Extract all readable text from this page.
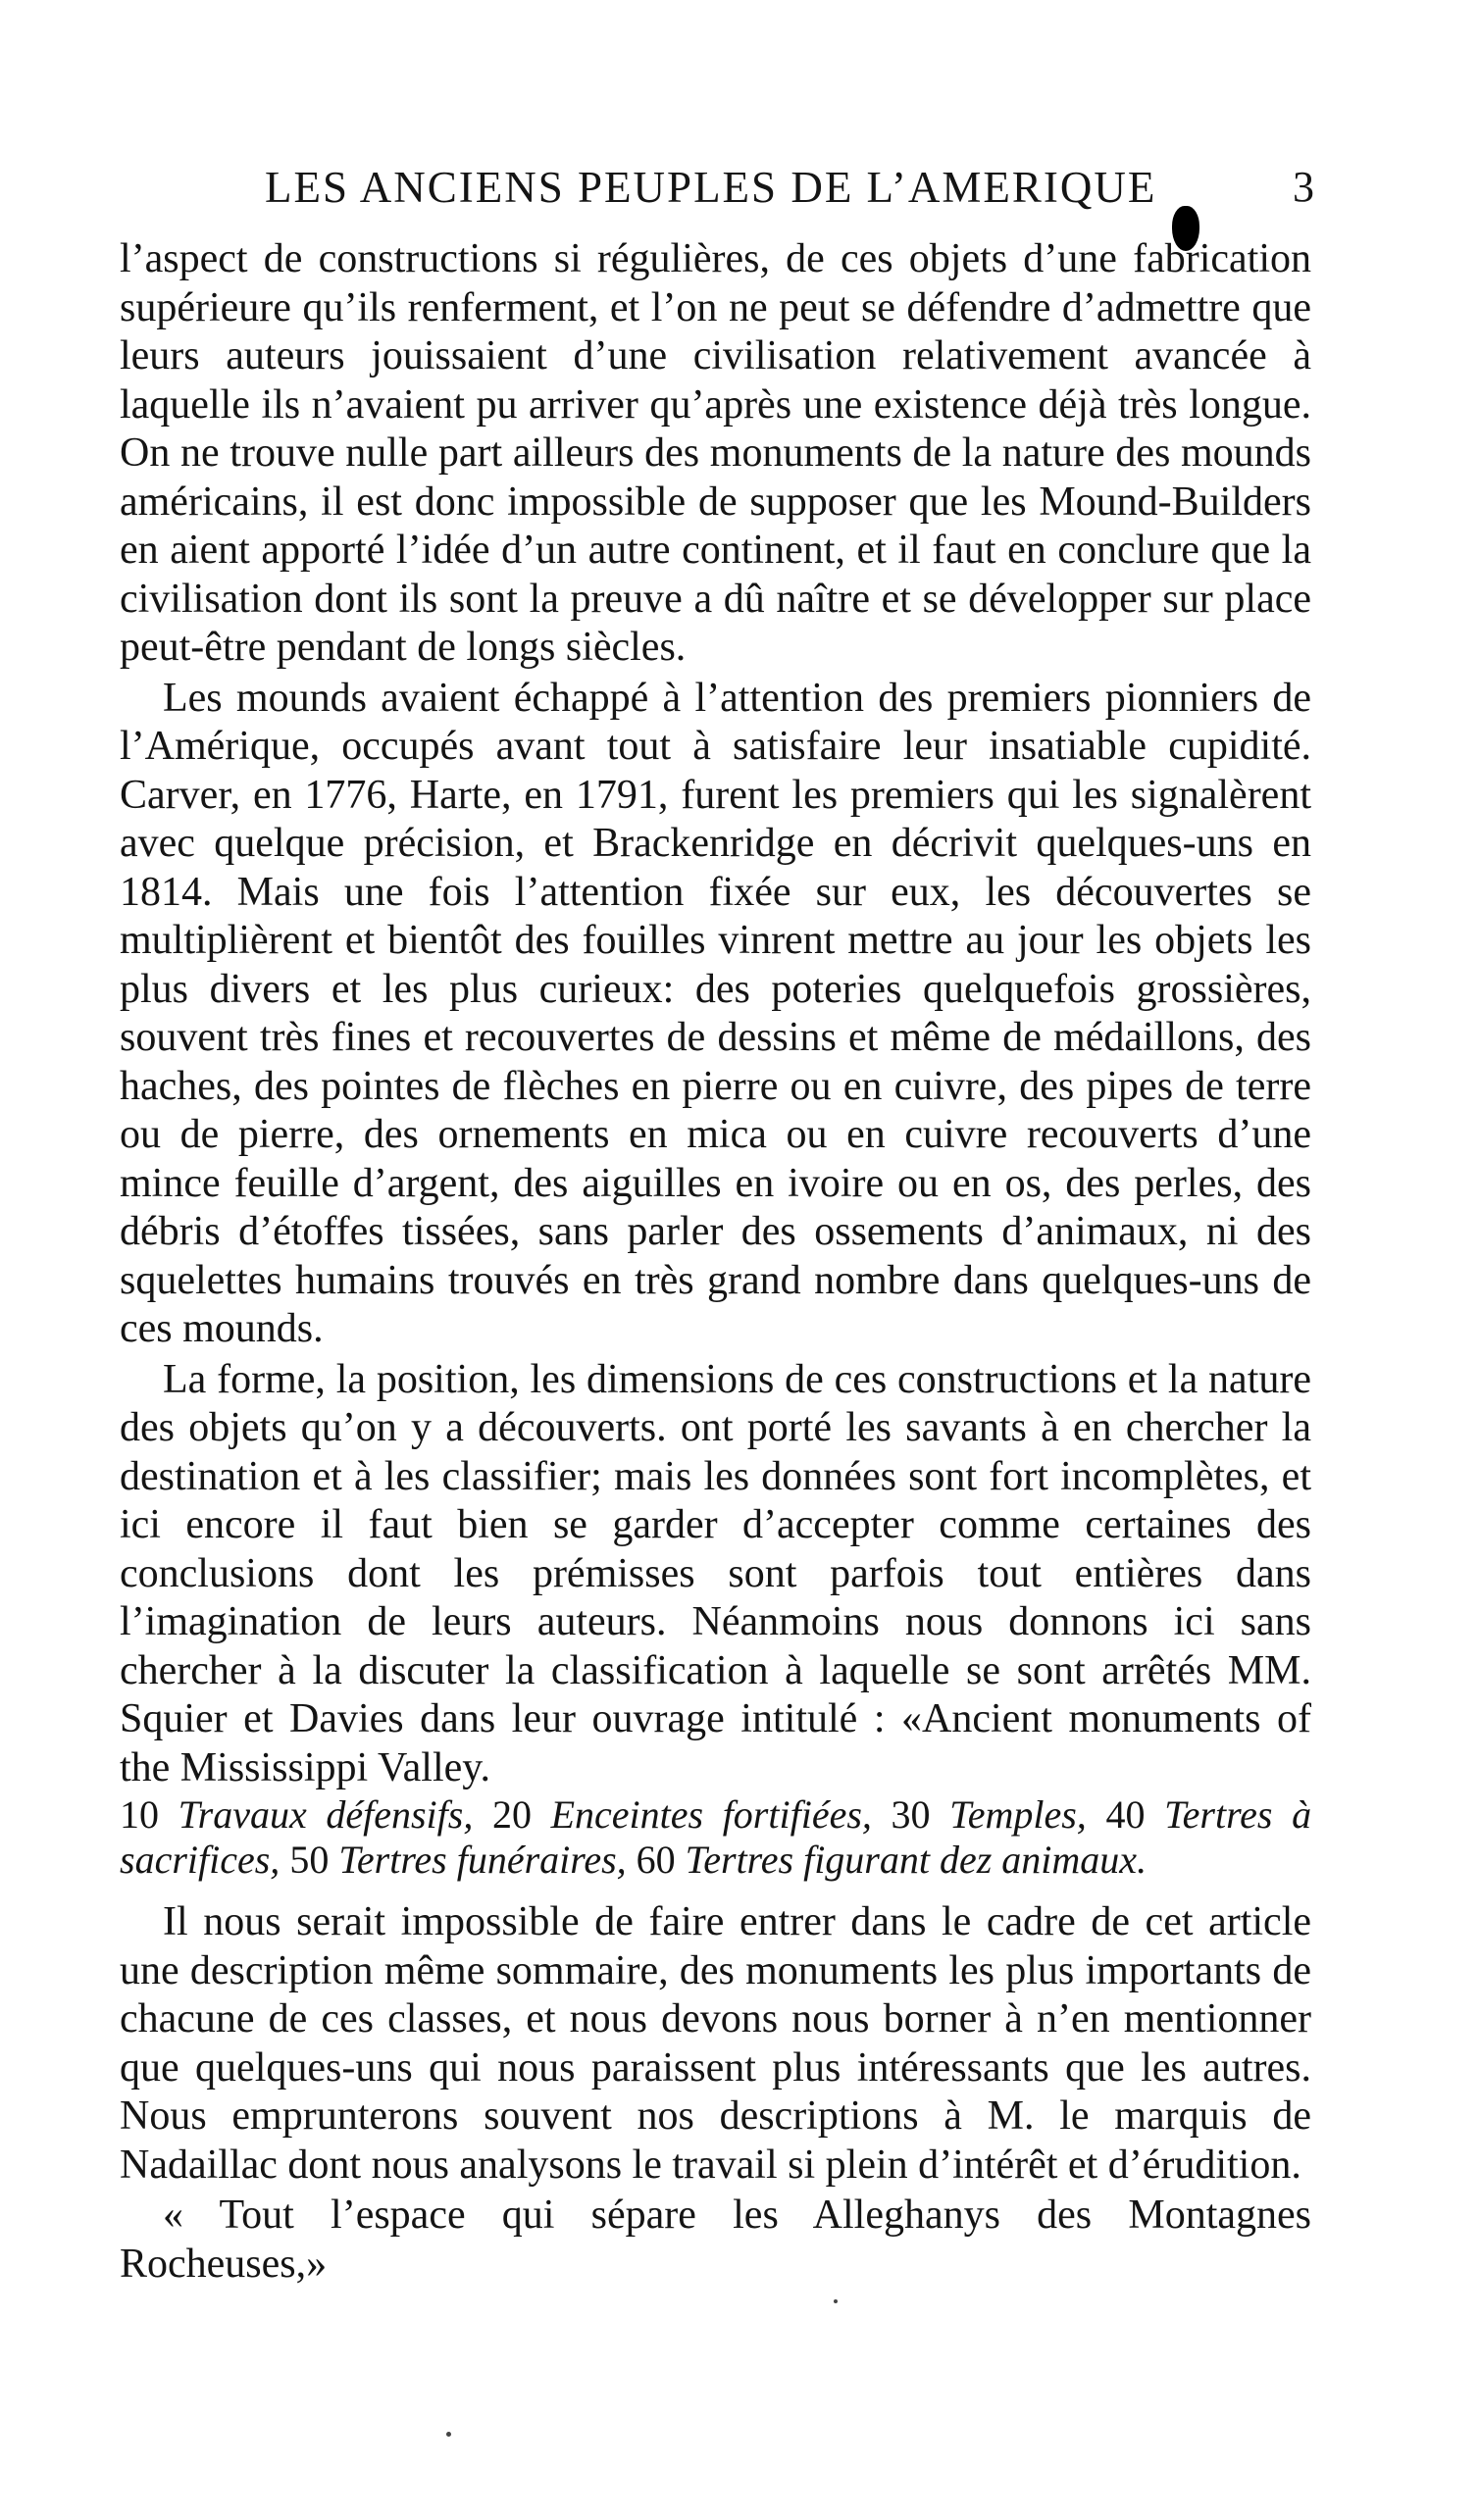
LES ANCIENS PEUPLES DE L’AMERIQUE	3

l’aspect de constructions si régulières, de ces objets d’une fabrication supérieure qu’ils renferment, et l’on ne peut se défendre d’admettre que leurs auteurs jouissaient d’une civilisation relativement avancée à laquelle ils n’avaient pu arriver qu’après une existence déjà très longue. On ne trouve nulle part ailleurs des monuments de la nature des mounds américains, il est donc impossible de supposer que les Mound-Builders en aient apporté l’idée d’un autre continent, et il faut en conclure que la civilisation dont ils sont la preuve a dû naître et se développer sur place peut-être pendant de longs siècles.

Les mounds avaient échappé à l’attention des premiers pionniers de l’Amérique, occupés avant tout à satisfaire leur insatiable cupidité. Carver, en 1776, Harte, en 1791, furent les premiers qui les signalèrent avec quelque précision, et Brackenridge en décrivit quelques-uns en 1814. Mais une fois l’attention fixée sur eux, les découvertes se multiplièrent et bientôt des fouilles vinrent mettre au jour les objets les plus divers et les plus curieux: des poteries quelquefois grossières, souvent très fines et recouvertes de dessins et même de médaillons, des haches, des pointes de flèches en pierre ou en cuivre, des pipes de terre ou de pierre, des ornements en mica ou en cuivre recouverts d’une mince feuille d’argent, des aiguilles en ivoire ou en os, des perles, des débris d’étoffes tissées, sans parler des ossements d’animaux, ni des squelettes humains trouvés en très grand nombre dans quelques-uns de ces mounds.

La forme, la position, les dimensions de ces constructions et la nature des objets qu’on y a découverts. ont porté les savants à en chercher la destination et à les classifier; mais les données sont fort incomplètes, et ici encore il faut bien se garder d’accepter comme certaines des conclusions dont les prémisses sont parfois tout entières dans l’imagination de leurs auteurs. Néanmoins nous donnons ici sans chercher à la discuter la classification à laquelle se sont arrêtés MM. Squier et Davies dans leur ouvrage intitulé : «Ancient monuments of the Mississippi Valley.

10 Travaux défensifs, 20 Enceintes fortifiées, 30 Temples, 40 Tertres à sacrifices, 50 Tertres funéraires, 60 Tertres figurant dez animaux.

Il nous serait impossible de faire entrer dans le cadre de cet article une description même sommaire, des monuments les plus importants de chacune de ces classes, et nous devons nous borner à n’en mentionner que quelques-uns qui nous paraissent plus intéressants que les autres. Nous emprunterons souvent nos descriptions à M. le marquis de Nadaillac dont nous analysons le travail si plein d’intérêt et d’érudition.

« Tout l’espace qui sépare les Alleghanys des Montagnes Rocheuses,»
